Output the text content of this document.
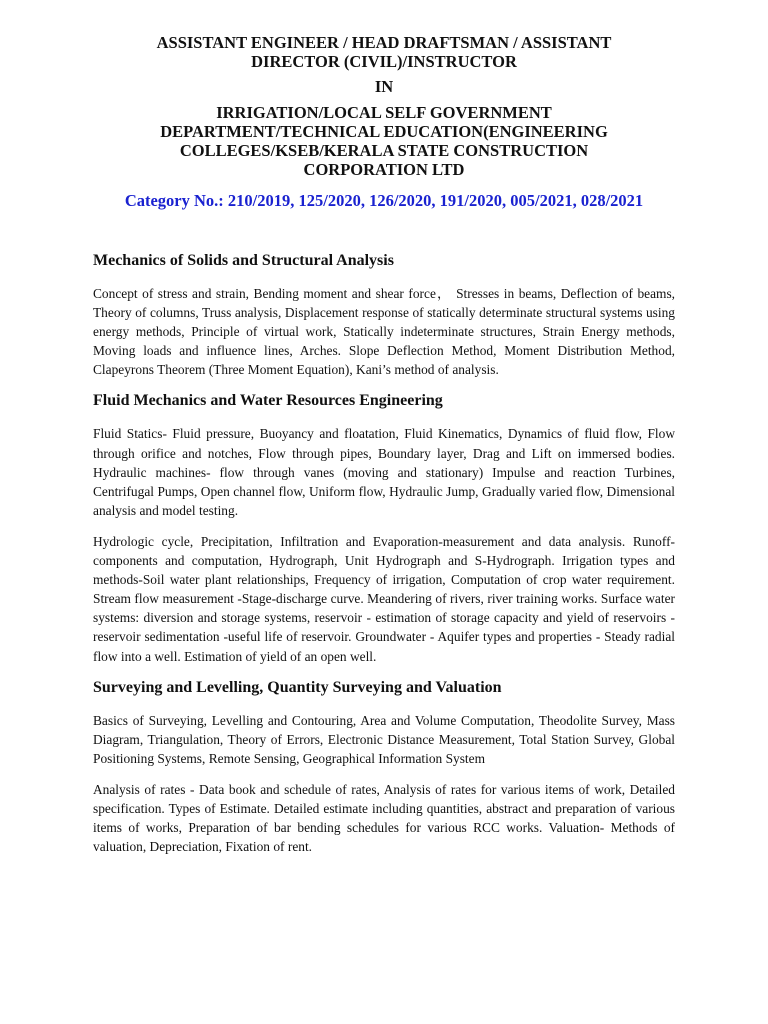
ASSISTANT ENGINEER / HEAD DRAFTSMAN / ASSISTANT
DIRECTOR (CIVIL)/INSTRUCTOR
IN
IRRIGATION/LOCAL SELF GOVERNMENT
DEPARTMENT/TECHNICAL EDUCATION(ENGINEERING
COLLEGES/KSEB/KERALA STATE CONSTRUCTION
CORPORATION LTD
Category No.: 210/2019, 125/2020, 126/2020, 191/2020, 005/2021, 028/2021
Mechanics of Solids and Structural Analysis

Concept of stress and strain, Bending moment and shear force， Stresses in beams, Deflection of beams, Theory of columns, Truss analysis, Displacement response of statically determinate structural systems using energy methods, Principle of virtual work, Statically indeterminate structures, Strain Energy methods, Moving loads and influence lines, Arches. Slope Deflection Method, Moment Distribution Method, Clapeyrons Theorem (Three Moment Equation), Kani’s method of analysis.

Fluid Mechanics and Water Resources Engineering

Fluid Statics- Fluid pressure, Buoyancy and floatation, Fluid Kinematics, Dynamics of fluid flow, Flow through orifice and notches, Flow through pipes, Boundary layer, Drag and Lift on immersed bodies. Hydraulic machines- flow through vanes (moving and stationary) Impulse and reaction Turbines, Centrifugal Pumps, Open channel flow, Uniform flow, Hydraulic Jump, Gradually varied flow, Dimensional analysis and model testing.

Hydrologic cycle, Precipitation, Infiltration and Evaporation-measurement and data analysis. Runoff-components and computation, Hydrograph, Unit Hydrograph and S-Hydrograph. Irrigation types and methods-Soil water plant relationships, Frequency of irrigation, Computation of crop water requirement. Stream flow measurement -Stage-discharge curve. Meandering of rivers, river training works. Surface water systems: diversion and storage systems, reservoir - estimation of storage capacity and yield of reservoirs - reservoir sedimentation -useful life of reservoir. Groundwater - Aquifer types and properties - Steady radial flow into a well. Estimation of yield of an open well.

Surveying and Levelling, Quantity Surveying and Valuation

Basics of Surveying, Levelling and Contouring, Area and Volume Computation, Theodolite Survey, Mass Diagram, Triangulation, Theory of Errors, Electronic Distance Measurement, Total Station Survey, Global Positioning Systems, Remote Sensing, Geographical Information System

Analysis of rates - Data book and schedule of rates, Analysis of rates for various items of work, Detailed specification. Types of Estimate. Detailed estimate including quantities, abstract and preparation of various items of works, Preparation of bar bending schedules for various RCC works. Valuation- Methods of valuation, Depreciation, Fixation of rent.
